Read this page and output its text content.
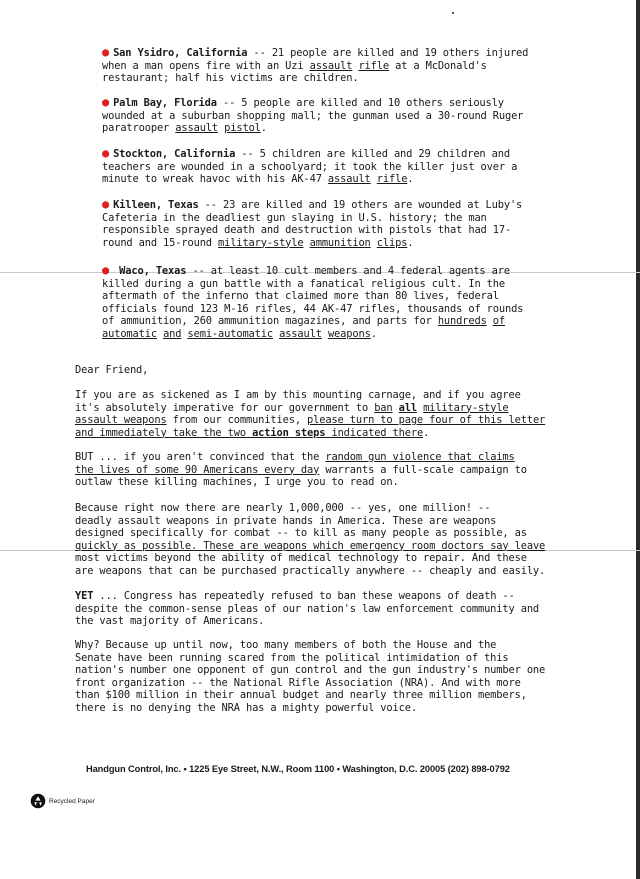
● San Ysidro, California -- 21 people are killed and 19 others injured
when a man opens fire with an Uzi assault rifle at a McDonald's
restaurant; half his victims are children.
● Palm Bay, Florida -- 5 people are killed and 10 others seriously
wounded at a suburban shopping mall; the gunman used a 30-round Ruger
paratrooper assault pistol.
● Stockton, California -- 5 children are killed and 29 children and
teachers are wounded in a schoolyard; it took the killer just over a
minute to wreak havoc with his AK-47 assault rifle.
● Killeen, Texas -- 23 are killed and 19 others are wounded at Luby's
Cafeteria in the deadliest gun slaying in U.S. history; the man
responsible sprayed death and destruction with pistols that had 17-
round and 15-round military-style ammunition clips.
● Waco, Texas -- at least 10 cult members and 4 federal agents are
killed during a gun battle with a fanatical religious cult. In the
aftermath of the inferno that claimed more than 80 lives, federal
officials found 123 M-16 rifles, 44 AK-47 rifles, thousands of rounds
of ammunition, 260 ammunition magazines, and parts for hundreds of
automatic and semi-automatic assault weapons.
Dear Friend,
If you are as sickened as I am by this mounting carnage, and if you agree
it's absolutely imperative for our government to ban all military-style
assault weapons from our communities, please turn to page four of this letter
and immediately take the two action steps indicated there.
BUT ... if you aren't convinced that the random gun violence that claims
the lives of some 90 Americans every day warrants a full-scale campaign to
outlaw these killing machines, I urge you to read on.
Because right now there are nearly 1,000,000 -- yes, one million! --
deadly assault weapons in private hands in America. These are weapons
designed specifically for combat -- to kill as many people as possible, as
quickly as possible. These are weapons which emergency room doctors say leave
most victims beyond the ability of medical technology to repair. And these
are weapons that can be purchased practically anywhere -- cheaply and easily.
YET ... Congress has repeatedly refused to ban these weapons of death --
despite the common-sense pleas of our nation's law enforcement community and
the vast majority of Americans.
Why? Because up until now, too many members of both the House and the
Senate have been running scared from the political intimidation of this
nation's number one opponent of gun control and the gun industry's number one
front organization -- the National Rifle Association (NRA). And with more
than $100 million in their annual budget and nearly three million members,
there is no denying the NRA has a mighty powerful voice.
Handgun Control, Inc. • 1225 Eye Street, N.W., Room 1100 • Washington, D.C. 20005 (202) 898-0792
Recycled Paper
